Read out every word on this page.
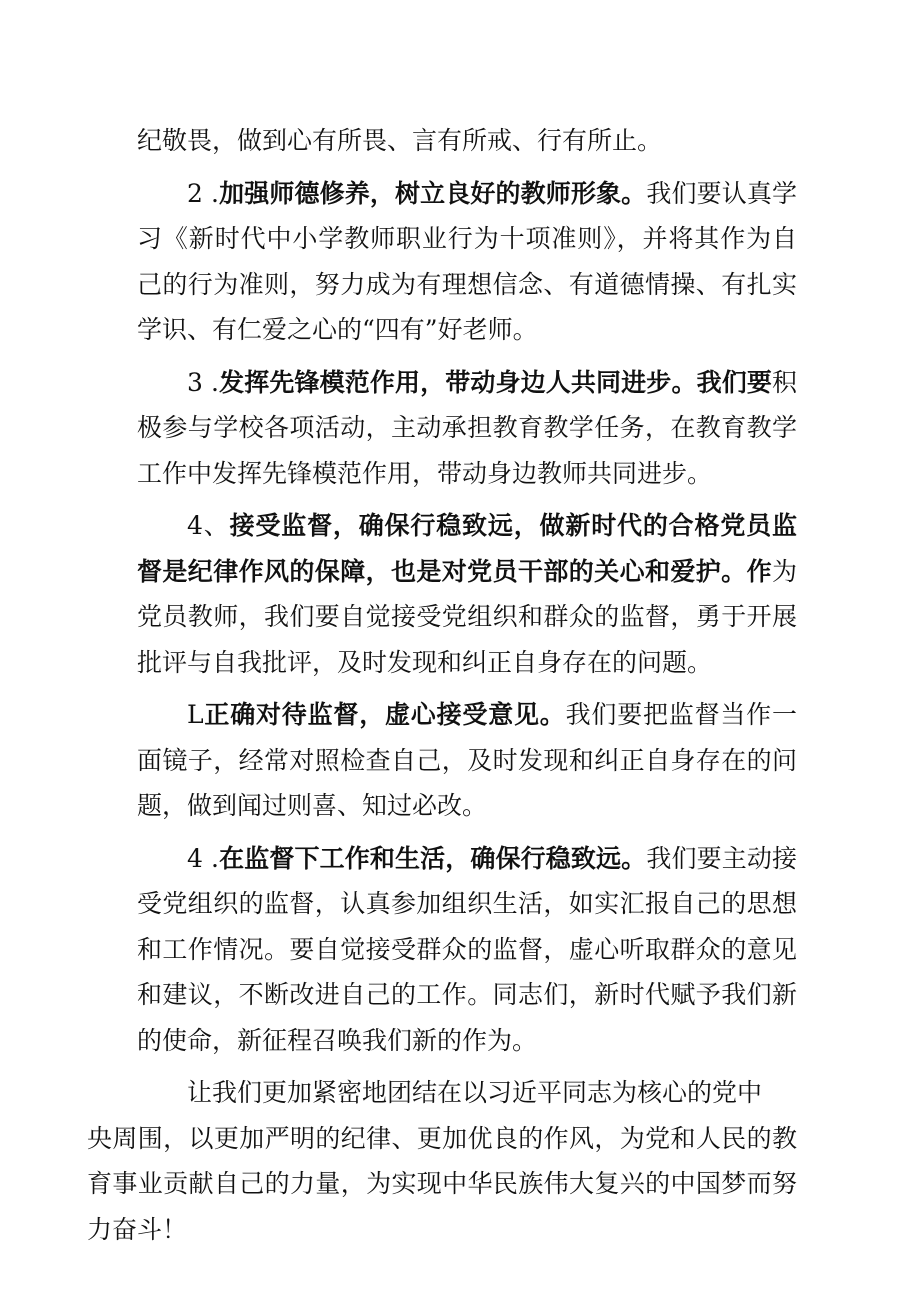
纪敬畏，做到心有所畏、言有所戒、行有所止。

2 .加强师德修养，树立良好的教师形象。我们要认真学习《新时代中小学教师职业行为十项准则》，并将其作为自己的行为准则，努力成为有理想信念、有道德情操、有扎实学识、有仁爱之心的“四有”好老师。

3 .发挥先锋模范作用，带动身边人共同进步。我们要积极参与学校各项活动，主动承担教育教学任务，在教育教学工作中发挥先锋模范作用，带动身边教师共同进步。

4、接受监督，确保行稳致远，做新时代的合格党员监督是纪律作风的保障，也是对党员干部的关心和爱护。作为党员教师，我们要自觉接受党组织和群众的监督，勇于开展批评与自我批评，及时发现和纠正自身存在的问题。

L正确对待监督，虚心接受意见。我们要把监督当作一面镜子，经常对照检查自己，及时发现和纠正自身存在的问题，做到闻过则喜、知过必改。

4 .在监督下工作和生活，确保行稳致远。我们要主动接受党组织的监督，认真参加组织生活，如实汇报自己的思想和工作情况。要自觉接受群众的监督，虚心听取群众的意见和建议，不断改进自己的工作。同志们，新时代赋予我们新的使命，新征程召唤我们新的作为。

让我们更加紧密地团结在以习近平同志为核心的党中
央周围，以更加严明的纪律、更加优良的作风，为党和人民的教育事业贡献自己的力量，为实现中华民族伟大复兴的中国梦而努力奋斗！
